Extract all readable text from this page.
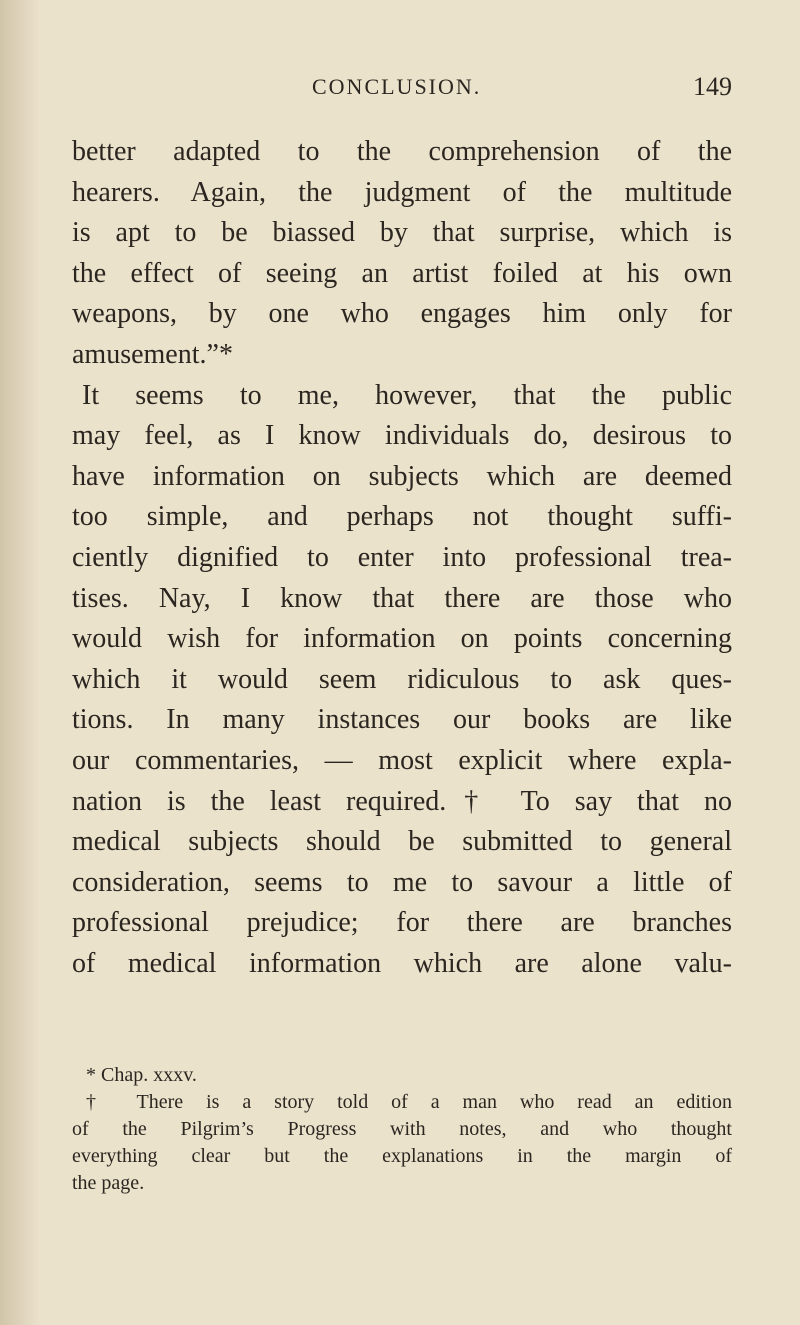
CONCLUSION.	149
better adapted to the comprehension of the
hearers. Again, the judgment of the multitude
is apt to be biassed by that surprise, which is
the effect of seeing an artist foiled at his own
weapons, by one who engages him only for
amusement.”*
It seems to me, however, that the public
may feel, as I know individuals do, desirous to
have information on subjects which are deemed
too simple, and perhaps not thought suffi-
ciently dignified to enter into professional trea-
tises. Nay, I know that there are those who
would wish for information on points concerning
which it would seem ridiculous to ask ques-
tions. In many instances our books are like
our commentaries, — most explicit where expla-
nation is the least required.† To say that no
medical subjects should be submitted to general
consideration, seems to me to savour a little of
professional prejudice; for there are branches
of medical information which are alone valu-
* Chap. xxxv.
† There is a story told of a man who read an edition
of the Pilgrim’s Progress with notes, and who thought
everything clear but the explanations in the margin of
the page.
